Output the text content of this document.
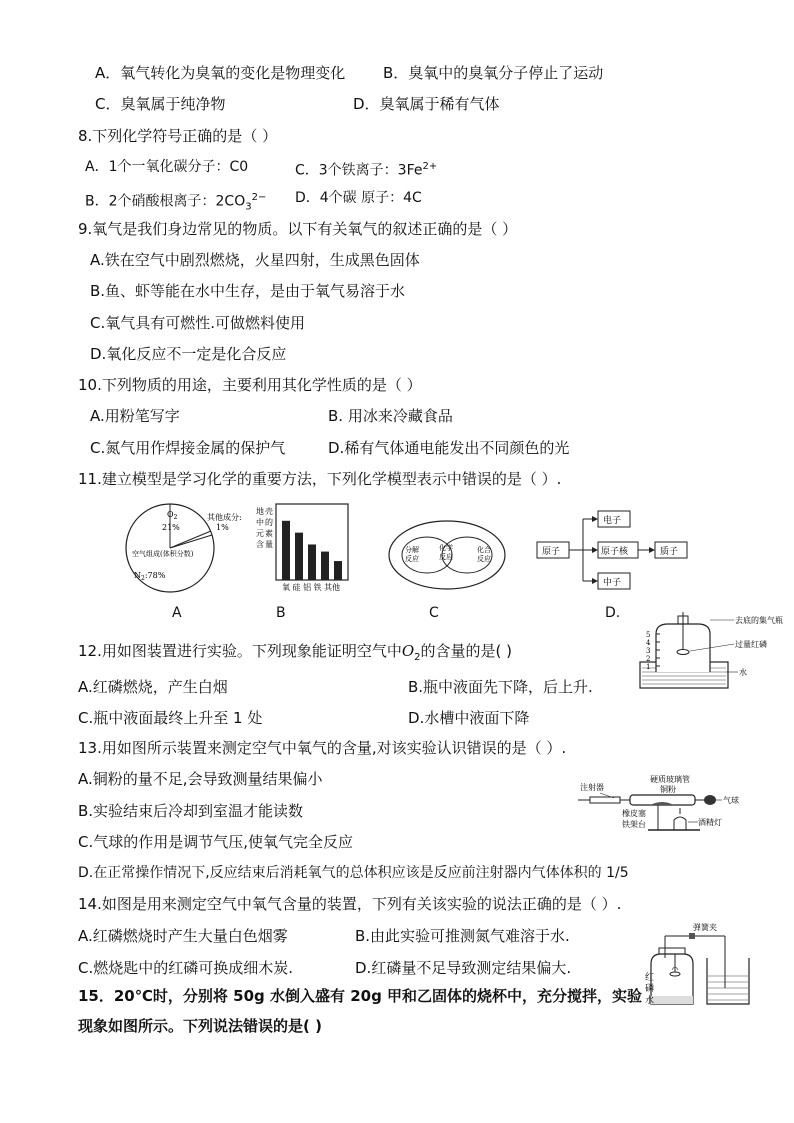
A．氧气转化为臭氧的变化是物理变化	B．臭氧中的臭氧分子停止了运动
C．臭氧属于纯净物	D．臭氧属于稀有气体
8.下列化学符号正确的是（ ）
A．1个一氧化碳分子：C0	C．3个铁离子：$3Fe^{2+}$
B．2个硝酸根离子：$2CO_3^{2-}$ D．4个碳 原子：4C
9.氧气是我们身边常见的物质。以下有关氧气的叙述正确的是（ ）
A.铁在空气中剧烈燃烧，火星四射，生成黑色固体
B.鱼、虾等能在水中生存，是由于氧气易溶于水
C.氧气具有可燃性.可做燃料使用
D.氧化反应不一定是化合反应
10.下列物质的用途，主要利用其化学性质的是（ ）
A.用粉笔写字	B. 用冰来冷藏食品
C.氮气用作焊接金属的保护气	D.稀有气体通电能发出不同颜色的光
11.建立模型是学习化学的重要方法，下列化学模型表示中错误的是（ ）.
$O_2$
21%
其他成分:
1%
空气组成(体积分数)
$N_2:78\%$
地 壳
中 的
元 素
含 量
氧 硅 铝 铁 其他
分解
反应
化学
反应
化合
反应
原子
电子
原子核
中子
质子
A	B	C	D.
5
4
3
2
1
去底的集气瓶
过量红磷
水
12.用如图装置进行实验。下列现象能证明空气中$O_2$的含量的是( )
A.红磷燃烧，产生白烟	B.瓶中液面先下降，后上升.
C.瓶中液面最终上升至 1 处	D.水槽中液面下降
13.用如图所示装置来测定空气中氧气的含量,对该实验认识错误的是（ ）.
A.铜粉的量不足,会导致测量结果偏小
B.实验结束后冷却到室温才能读数
C.气球的作用是调节气压,使氧气完全反应
D.在正常操作情况下,反应结束后消耗氧气的总体积应该是反应前注射器内气体体积的 1/5
注射器
硬质玻璃管
铜粉
气球
橡皮塞
铁架台	酒精灯
14.如图是用来测定空气中氧气含量的装置，下列有关该实验的说法正确的是（ ）.
A.红磷燃烧时产生大量白色烟雾	B.由此实验可推测氮气难溶于水.
C.燃烧匙中的红磷可换成细木炭.	D.红磷量不足导致测定结果偏大.
弹簧夹
红
磷
水
15．20℃时，分别将 50g 水倒入盛有 20g 甲和乙固体的烧杯中，充分搅拌，实验
现象如图所示。下列说法错误的是( )
